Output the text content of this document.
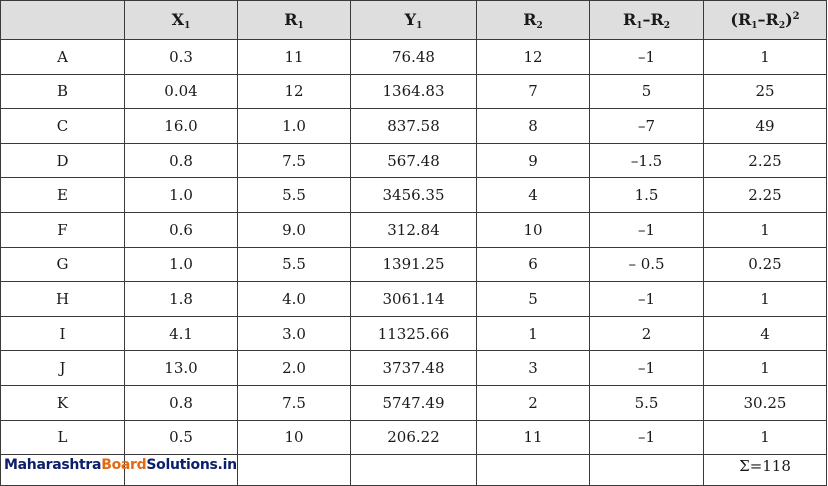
	$X_1$	$R_1$	$Y_1$	$R_2$	$R_1-R_2$	$(R_1-R_2)^2$
A	0.3	11	76.48	12	–1	1
B	0.04	12	1364.83	7	5	25
C	16.0	1.0	837.58	8	–7	49
D	0.8	7.5	567.48	9	–1.5	2.25
E	1.0	5.5	3456.35	4	1.5	2.25
F	0.6	9.0	312.84	10	–1	1
G	1.0	5.5	1391.25	6	– 0.5	0.25
H	1.8	4.0	3061.14	5	–1	1
I	4.1	3.0	11325.66	1	2	4
J	13.0	2.0	3737.48	3	–1	1
K	0.8	7.5	5747.49	2	5.5	30.25
L	0.5	10	206.22	11	–1	1
MaharashtraBoardSolutions.in						Σ=118
